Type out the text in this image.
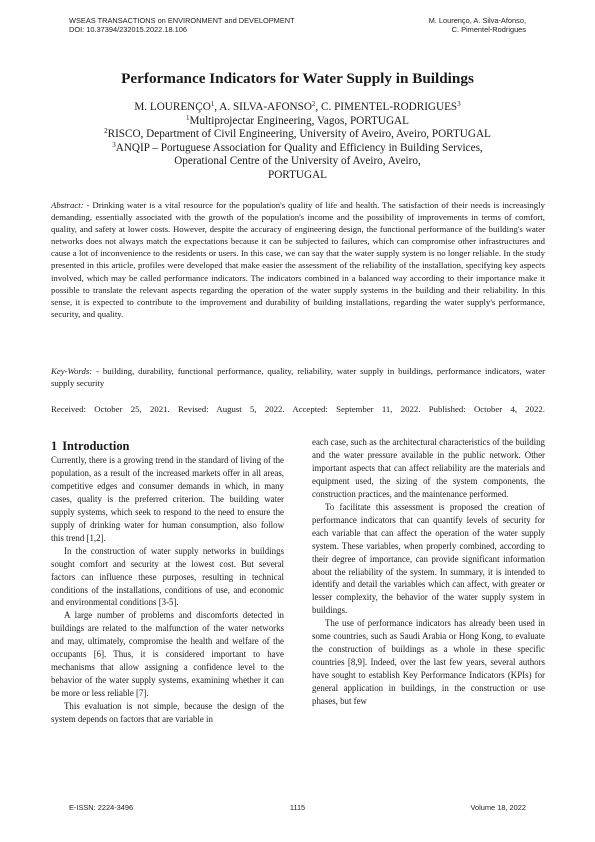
WSEAS TRANSACTIONS on ENVIRONMENT and DEVELOPMENT
DOI: 10.37394/232015.2022.18.106
M. Lourenço, A. Silva-Afonso,
C. Pimentel-Rodrigues
Performance Indicators for Water Supply in Buildings
M. LOURENÇO$^1$, A. SILVA-AFONSO$^2$, C. PIMENTEL-RODRIGUES$^3$
$^1$Multiprojectar Engineering, Vagos, PORTUGAL
$^2$RISCO, Department of Civil Engineering, University of Aveiro, Aveiro, PORTUGAL
$^3$ANQIP – Portuguese Association for Quality and Efficiency in Building Services,
Operational Centre of the University of Aveiro, Aveiro,
PORTUGAL
Abstract: - Drinking water is a vital resource for the population's quality of life and health. The satisfaction of their needs is increasingly demanding, essentially associated with the growth of the population's income and the possibility of improvements in terms of comfort, quality, and safety at lower costs. However, despite the accuracy of engineering design, the functional performance of the building's water networks does not always match the expectations because it can be subjected to failures, which can compromise other infrastructures and cause a lot of inconvenience to the residents or users. In this case, we can say that the water supply system is no longer reliable. In the study presented in this article, profiles were developed that make easier the assessment of the reliability of the installation, specifying key aspects involved, which may be called performance indicators. The indicators combined in a balanced way according to their importance make it possible to translate the relevant aspects regarding the operation of the water supply systems in the building and their reliability. In this sense, it is expected to contribute to the improvement and durability of building installations, regarding the water supply's performance, security, and quality.
Key-Words: - building, durability, functional performance, quality, reliability, water supply in buildings, performance indicators, water supply security
Received: October 25, 2021. Revised: August 5, 2022. Accepted: September 11, 2022. Published: October 4, 2022.
1 Introduction

Currently, there is a growing trend in the standard of living of the population, as a result of the increased markets offer in all areas, competitive edges and consumer demands in which, in many cases, quality is the preferred criterion. The building water supply systems, which seek to respond to the need to ensure the supply of drinking water for human consumption, also follow this trend [1,2].

In the construction of water supply networks in buildings sought comfort and security at the lowest cost. But several factors can influence these purposes, resulting in technical conditions of the installations, conditions of use, and economic and environmental conditions [3-5].

A large number of problems and discomforts detected in buildings are related to the malfunction of the water networks and may, ultimately, compromise the health and welfare of the occupants [6]. Thus, it is considered important to have mechanisms that allow assigning a confidence level to the behavior of the water supply systems, examining whether it can be more or less reliable [7].

This evaluation is not simple, because the design of the system depends on factors that are variable in

each case, such as the architectural characteristics of the building and the water pressure available in the public network. Other important aspects that can affect reliability are the materials and equipment used, the sizing of the system components, the construction practices, and the maintenance performed.

To facilitate this assessment is proposed the creation of performance indicators that can quantify levels of security for each variable that can affect the operation of the water supply system. These variables, when properly combined, according to their degree of importance, can provide significant information about the reliability of the system. In summary, it is intended to identify and detail the variables which can affect, with greater or lesser complexity, the behavior of the water supply system in buildings.

The use of performance indicators has already been used in some countries, such as Saudi Arabia or Hong Kong, to evaluate the construction of buildings as a whole in these specific countries [8,9]. Indeed, over the last few years, several authors have sought to establish Key Performance Indicators (KPIs) for general application in buildings, in the construction or use phases, but few

E-ISSN: 2224-3496	1115	Volume 18, 2022
